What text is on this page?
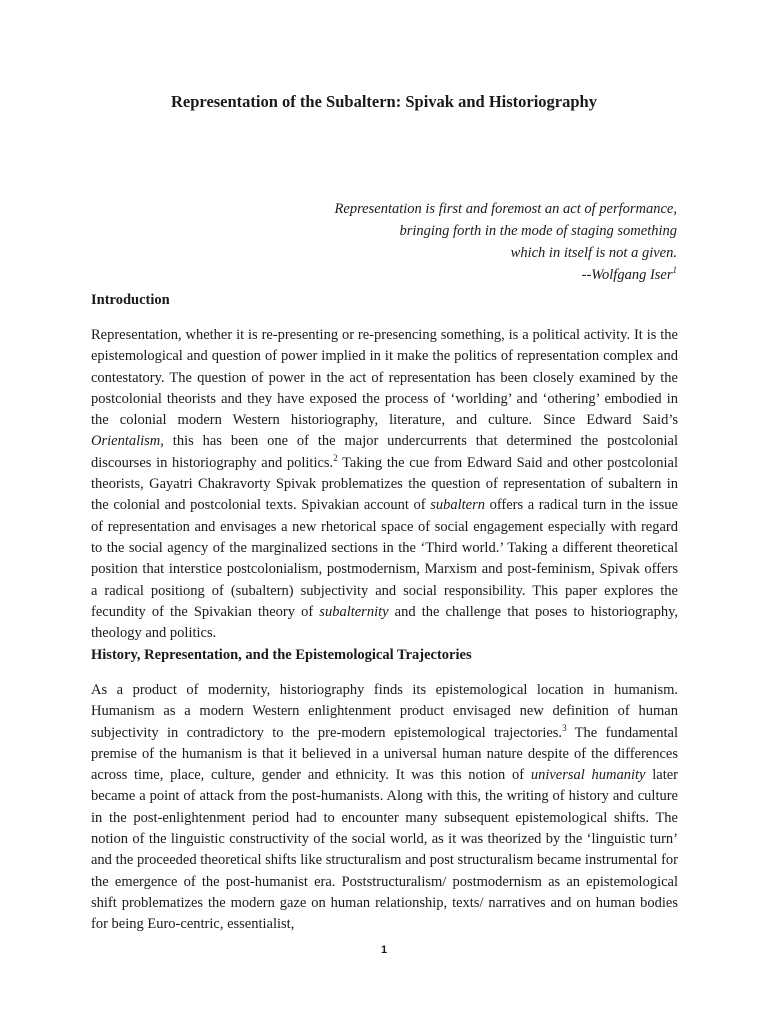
Representation of the Subaltern: Spivak and Historiography
Representation is first and foremost an act of performance,
bringing forth in the mode of staging something
which in itself is not a given.
--Wolfgang Iser$^1$
Introduction

Representation, whether it is re-presenting or re-presencing something, is a political activity. It is the epistemological and question of power implied in it make the politics of representation complex and contestatory. The question of power in the act of representation has been closely examined by the postcolonial theorists and they have exposed the process of ‘worlding’ and ‘othering’ embodied in the colonial modern Western historiography, literature, and culture. Since Edward Said’s Orientalism, this has been one of the major undercurrents that determined the postcolonial discourses in historiography and politics.$^2$ Taking the cue from Edward Said and other postcolonial theorists, Gayatri Chakravorty Spivak problematizes the question of representation of subaltern in the colonial and postcolonial texts. Spivakian account of subaltern offers a radical turn in the issue of representation and envisages a new rhetorical space of social engagement especially with regard to the social agency of the marginalized sections in the ‘Third world.’ Taking a different theoretical position that interstice postcolonialism, postmodernism, Marxism and post-feminism, Spivak offers a radical positiong of (subaltern) subjectivity and social responsibility. This paper explores the fecundity of the Spivakian theory of subalternity and the challenge that poses to historiography, theology and politics.

History, Representation, and the Epistemological Trajectories

As a product of modernity, historiography finds its epistemological location in humanism. Humanism as a modern Western enlightenment product envisaged new definition of human subjectivity in contradictory to the pre-modern epistemological trajectories.$^3$ The fundamental premise of the humanism is that it believed in a universal human nature despite of the differences across time, place, culture, gender and ethnicity. It was this notion of universal humanity later became a point of attack from the post-humanists. Along with this, the writing of history and culture in the post-enlightenment period had to encounter many subsequent epistemological shifts. The notion of the linguistic constructivity of the social world, as it was theorized by the ‘linguistic turn’ and the proceeded theoretical shifts like structuralism and post structuralism became instrumental for the emergence of the post-humanist era. Poststructuralism/ postmodernism as an epistemological shift problematizes the modern gaze on human relationship, texts/ narratives and on human bodies for being Euro-centric, essentialist,

1
